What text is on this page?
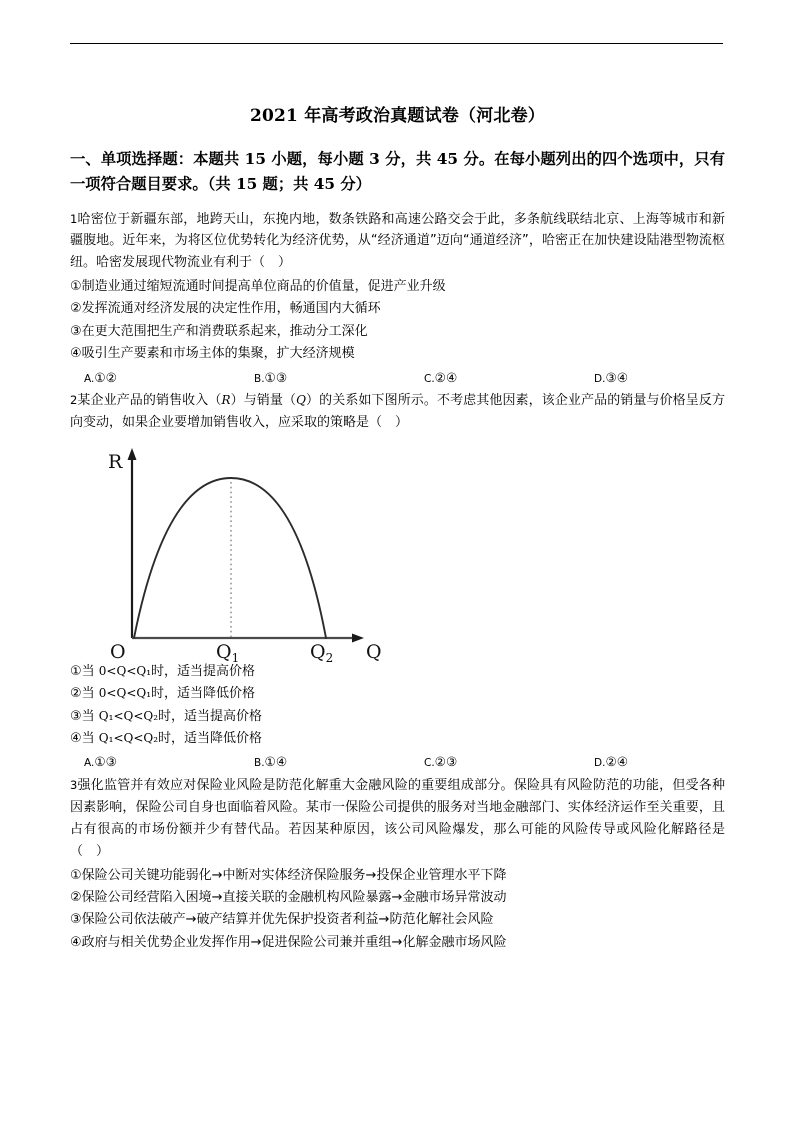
2021 年高考政治真题试卷（河北卷）
一、单项选择题：本题共 15 小题，每小题 3 分，共 45 分。在每小题列出的四个选项中，只有一项符合题目要求。（共 15 题；共 45 分）

1哈密位于新疆东部，地跨天山，东挽内地，数条铁路和高速公路交会于此，多条航线联结北京、上海等城市和新疆腹地。近年来，为将区位优势转化为经济优势，从“经济通道”迈向“通道经济”，哈密正在加快建设陆港型物流枢纽。哈密发展现代物流业有利于（　）

①制造业通过缩短流通时间提高单位商品的价值量，促进产业升级

②发挥流通对经济发展的决定性作用，畅通国内大循环

③在更大范围把生产和消费联系起来，推动分工深化

④吸引生产要素和市场主体的集聚，扩大经济规模

A.①②	B.①③	C.②④	D.③④

2某企业产品的销售收入（R）与销量（Q）的关系如下图所示。不考虑其他因素，该企业产品的销量与价格呈反方向变动，如果企业要增加销售收入，应采取的策略是（　）

R
O	$Q_1$	$Q_2$ Q

①当 0<Q<Q₁时，适当提高价格

②当 0<Q<Q₁时，适当降低价格

③当 Q₁<Q<Q₂时，适当提高价格

④当 Q₁<Q<Q₂时，适当降低价格

A.①③	B.①④	C.②③	D.②④

3强化监管并有效应对保险业风险是防范化解重大金融风险的重要组成部分。保险具有风险防范的功能，但受各种因素影响，保险公司自身也面临着风险。某市一保险公司提供的服务对当地金融部门、实体经济运作至关重要，且占有很高的市场份额并少有替代品。若因某种原因，该公司风险爆发，那么可能的风险传导或风险化解路径是（　）

①保险公司关键功能弱化→中断对实体经济保险服务→投保企业管理水平下降

②保险公司经营陷入困境→直接关联的金融机构风险暴露→金融市场异常波动

③保险公司依法破产→破产结算并优先保护投资者利益→防范化解社会风险

④政府与相关优势企业发挥作用→促进保险公司兼并重组→化解金融市场风险
